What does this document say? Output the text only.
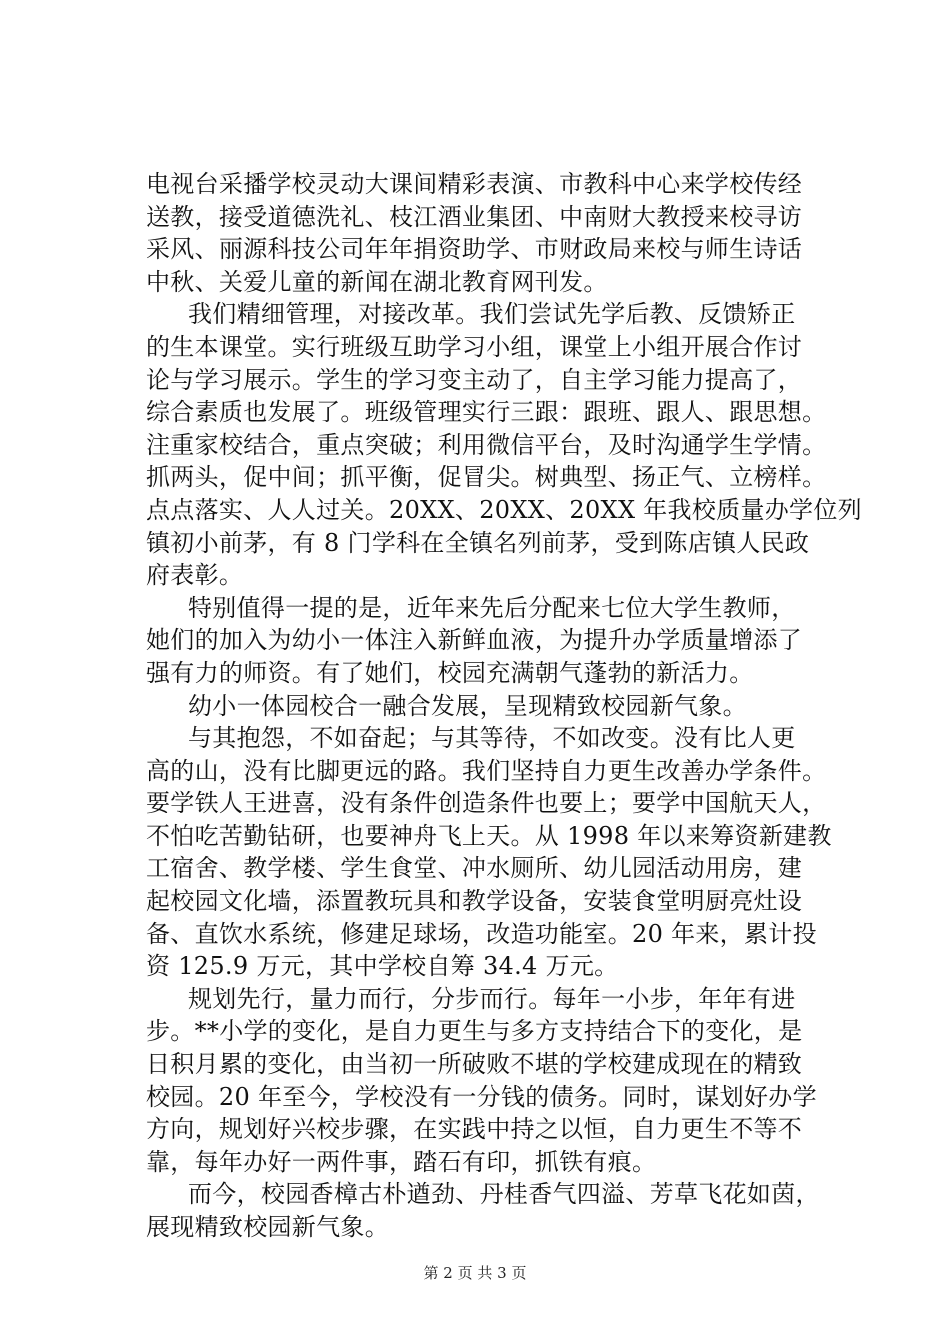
电视台采播学校灵动大课间精彩表演、市教科中心来学校传经
送教，接受道德洗礼、枝江酒业集团、中南财大教授来校寻访
采风、丽源科技公司年年捐资助学、市财政局来校与师生诗话
中秋、关爱儿童的新闻在湖北教育网刊发。
我们精细管理，对接改革。我们尝试先学后教、反馈矫正
的生本课堂。实行班级互助学习小组，课堂上小组开展合作讨
论与学习展示。学生的学习变主动了，自主学习能力提高了，
综合素质也发展了。班级管理实行三跟：跟班、跟人、跟思想。
注重家校结合，重点突破；利用微信平台，及时沟通学生学情。
抓两头，促中间；抓平衡，促冒尖。树典型、扬正气、立榜样。
点点落实、人人过关。20XX、20XX、20XX 年我校质量办学位列
镇初小前茅，有 8 门学科在全镇名列前茅，受到陈店镇人民政
府表彰。
特别值得一提的是，近年来先后分配来七位大学生教师，
她们的加入为幼小一体注入新鲜血液，为提升办学质量增添了
强有力的师资。有了她们，校园充满朝气蓬勃的新活力。
幼小一体园校合一融合发展，呈现精致校园新气象。
与其抱怨，不如奋起；与其等待，不如改变。没有比人更
高的山，没有比脚更远的路。我们坚持自力更生改善办学条件。
要学铁人王进喜，没有条件创造条件也要上；要学中国航天人，
不怕吃苦勤钻研，也要神舟飞上天。从 1998 年以来筹资新建教
工宿舍、教学楼、学生食堂、冲水厕所、幼儿园活动用房，建
起校园文化墙，添置教玩具和教学设备，安装食堂明厨亮灶设
备、直饮水系统，修建足球场，改造功能室。20 年来，累计投
资 125.9 万元，其中学校自筹 34.4 万元。
规划先行，量力而行，分步而行。每年一小步，年年有进
步。**小学的变化，是自力更生与多方支持结合下的变化，是
日积月累的变化，由当初一所破败不堪的学校建成现在的精致
校园。20 年至今，学校没有一分钱的债务。同时，谋划好办学
方向，规划好兴校步骤，在实践中持之以恒，自力更生不等不
靠，每年办好一两件事，踏石有印，抓铁有痕。
而今，校园香樟古朴遒劲、丹桂香气四溢、芳草飞花如茵，
展现精致校园新气象。
第 2 页 共 3 页
